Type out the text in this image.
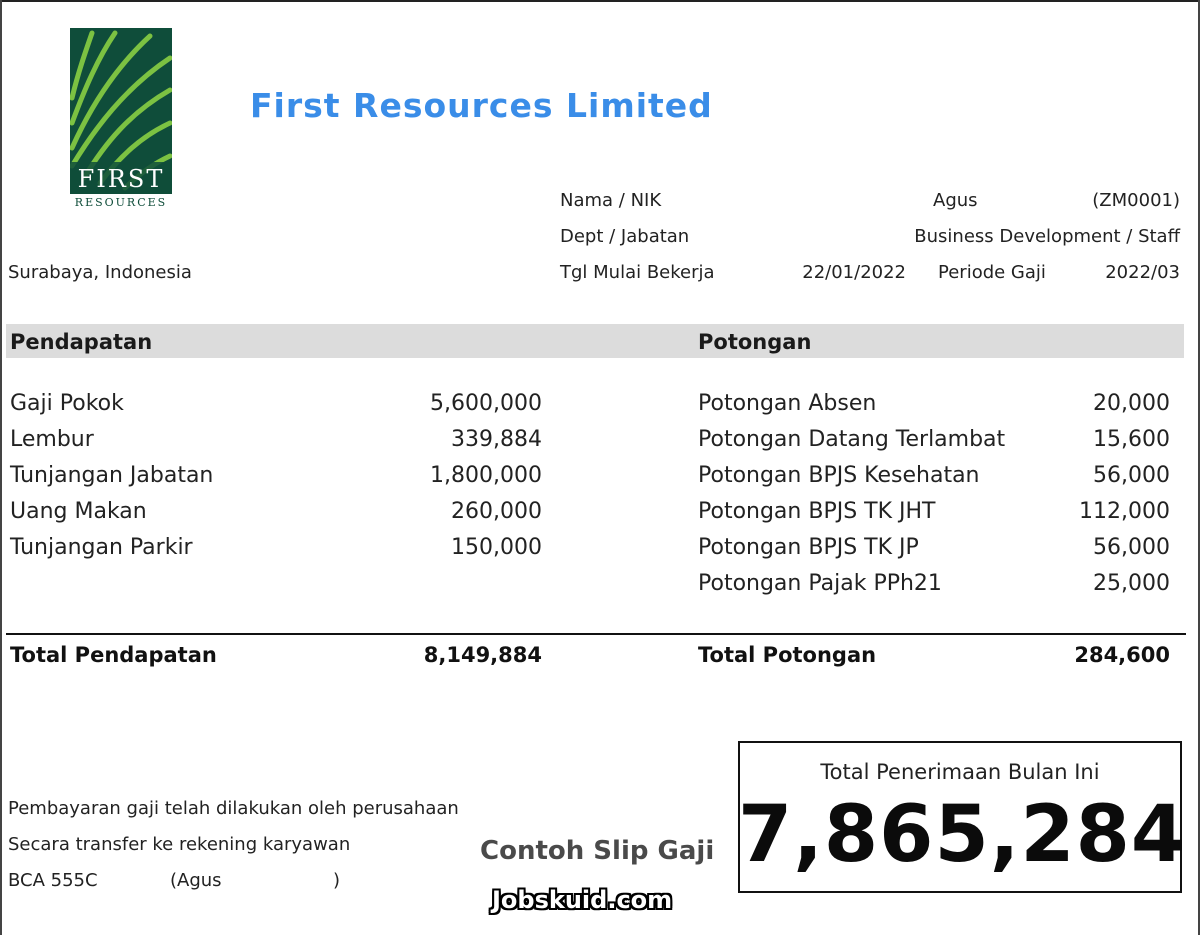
FIRST
RESOURCES
First Resources Limited
Nama / NIK	Agus	(ZM0001)
Dept / Jabatan	Business Development / Staff
Surabaya, Indonesia	Tgl Mulai Bekerja	22/01/2022 Periode Gaji	2022/03
Pendapatan	Potongan
Gaji Pokok	5,600,000
Lembur	339,884
Tunjangan Jabatan	1,800,000
Uang Makan	260,000
Tunjangan Parkir	150,000
Potongan Absen	20,000
Potongan Datang Terlambat	15,600
Potongan BPJS Kesehatan	56,000
Potongan BPJS TK JHT	112,000
Potongan BPJS TK JP	56,000
Potongan Pajak PPh21	25,000
Total Pendapatan	8,149,884	Total Potongan	284,600
Total Penerimaan Bulan Ini
7,865,284
Pembayaran gaji telah dilakukan oleh perusahaan
Secara transfer ke rekening karyawan
BCA 555C	(Agus	)
Contoh Slip Gaji
Jobskuid.com
